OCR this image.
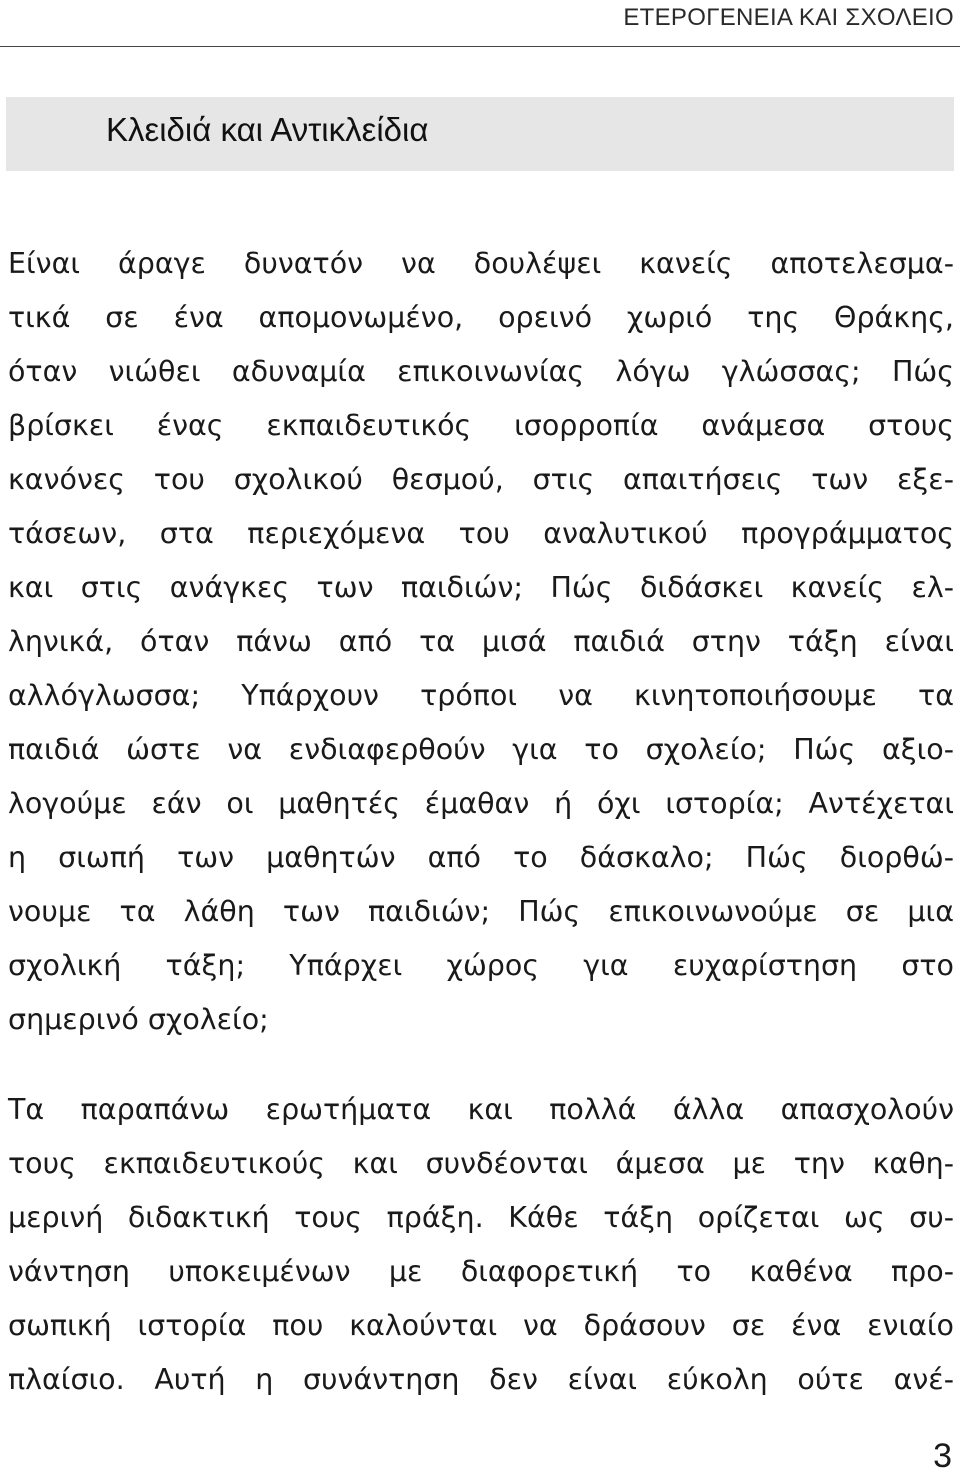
ΕΤΕΡΟΓΕΝΕΙΑ ΚΑΙ ΣΧΟΛΕΙΟ
Κλειδιά και Αντικλείδια
Είναι άραγε δυνατόν να δουλέψει κανείς αποτελεσμα-
τικά σε ένα απομονωμένο, ορεινό χωριό της Θράκης,
όταν νιώθει αδυναμία επικοινωνίας λόγω γλώσσας; Πώς
βρίσκει ένας εκπαιδευτικός ισορροπία ανάμεσα στους
κανόνες του σχολικού θεσμού, στις απαιτήσεις των εξε-
τάσεων, στα περιεχόμενα του αναλυτικού προγράμματος
και στις ανάγκες των παιδιών; Πώς διδάσκει κανείς ελ-
ληνικά, όταν πάνω από τα μισά παιδιά στην τάξη είναι
αλλόγλωσσα; Υπάρχουν τρόποι να κινητοποιήσουμε τα
παιδιά ώστε να ενδιαφερθούν για το σχολείο; Πώς αξιο-
λογούμε εάν οι μαθητές έμαθαν ή όχι ιστορία; Αντέχεται
η σιωπή των μαθητών από το δάσκαλο; Πώς διορθώ-
νουμε τα λάθη των παιδιών; Πώς επικοινωνούμε σε μια
σχολική τάξη; Υπάρχει χώρος για ευχαρίστηση στο
σημερινό σχολείο;
Τα παραπάνω ερωτήματα και πολλά άλλα απασχολούν
τους εκπαιδευτικούς και συνδέονται άμεσα με την καθη-
μερινή διδακτική τους πράξη. Κάθε τάξη ορίζεται ως συ-
νάντηση υποκειμένων με διαφορετική το καθένα προ-
σωπική ιστορία που καλούνται να δράσουν σε ένα ενιαίο
πλαίσιο. Αυτή η συνάντηση δεν είναι εύκολη ούτε ανέ-
3
